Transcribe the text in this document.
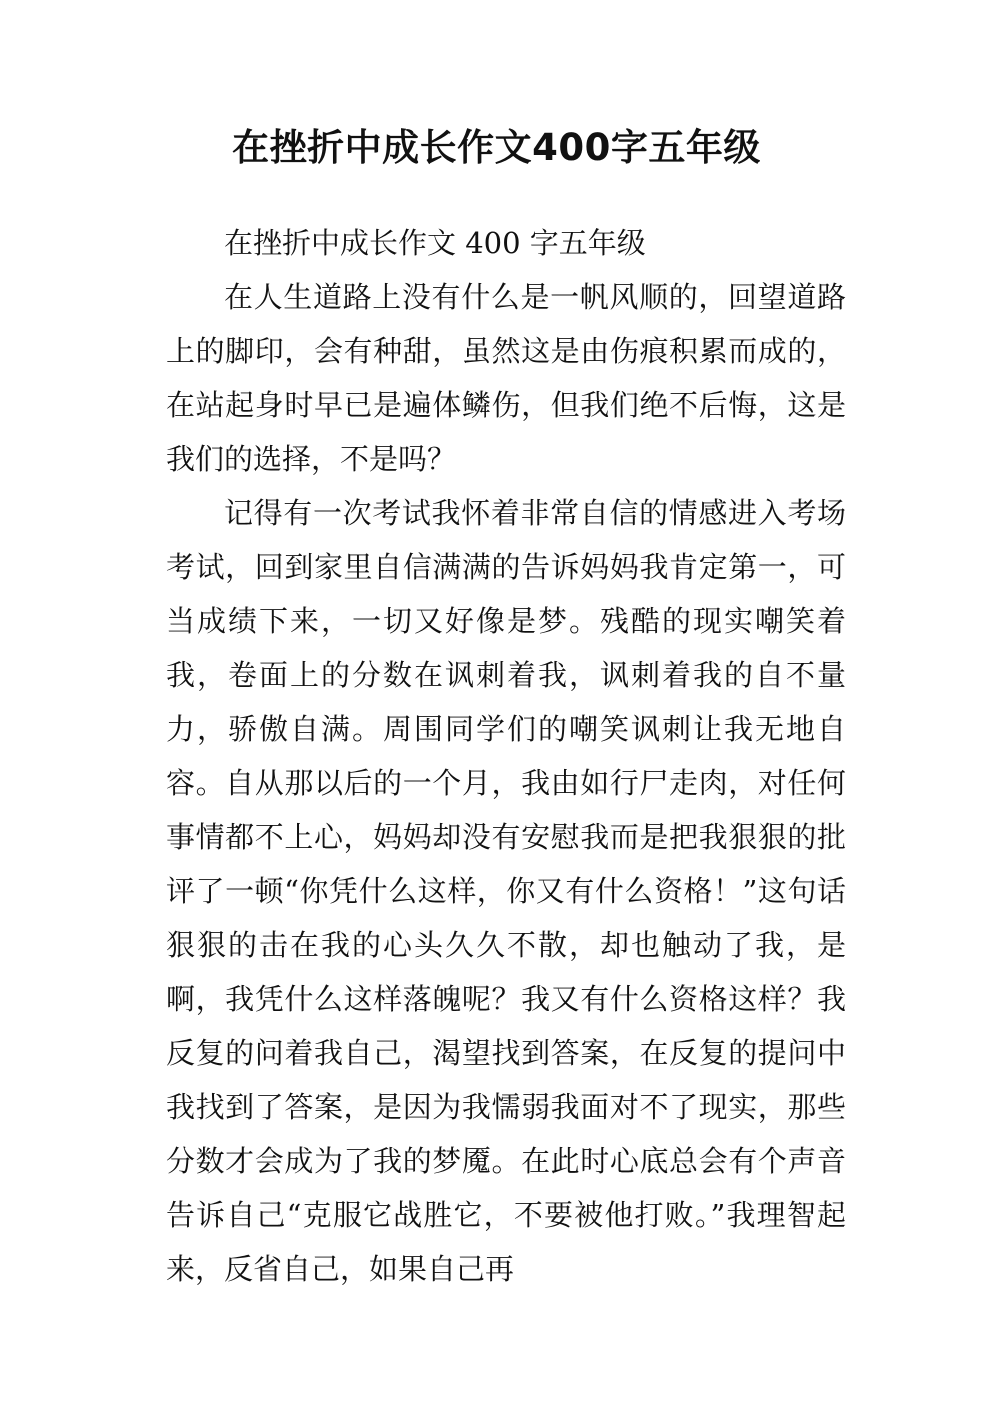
在挫折中成长作文400字五年级

在挫折中成长作文 400 字五年级

在人生道路上没有什么是一帆风顺的，回望道路上的脚印，会有种甜，虽然这是由伤痕积累而成的，在站起身时早已是遍体鳞伤，但我们绝不后悔，这是我们的选择，不是吗？

记得有一次考试我怀着非常自信的情感进入考场考试，回到家里自信满满的告诉妈妈我肯定第一，可当成绩下来，一切又好像是梦。残酷的现实嘲笑着我，卷面上的分数在讽刺着我，讽刺着我的自不量力，骄傲自满。周围同学们的嘲笑讽刺让我无地自容。自从那以后的一个月，我由如行尸走肉，对任何事情都不上心，妈妈却没有安慰我而是把我狠狠的批评了一顿“你凭什么这样，你又有什么资格！”这句话狠狠的击在我的心头久久不散，却也触动了我，是啊，我凭什么这样落魄呢？我又有什么资格这样？我反复的问着我自己，渴望找到答案，在反复的提问中我找到了答案，是因为我懦弱我面对不了现实，那些分数才会成为了我的梦魇。在此时心底总会有个声音告诉自己“克服它战胜它，不要被他打败。”我理智起来，反省自己，如果自己再
